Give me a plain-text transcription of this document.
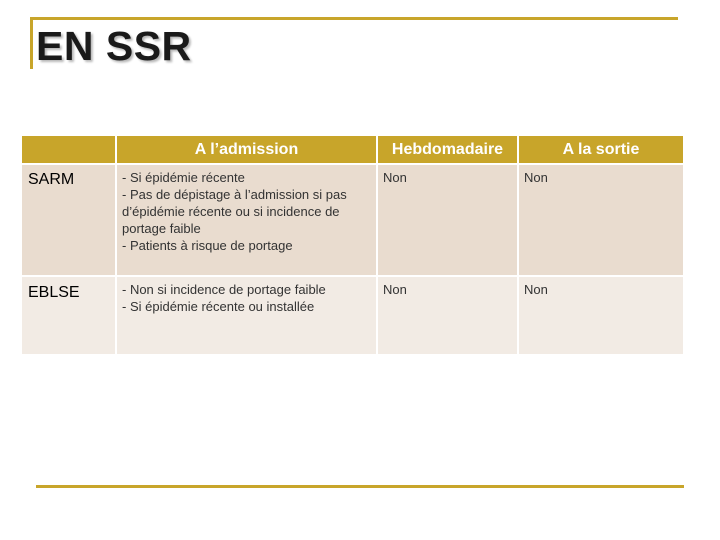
EN SSR
	A l’admission	Hebdomadaire	A la sortie

SARM	- Si épidémie récente
- Pas de dépistage à l’admission si pas
d’épidémie récente ou si incidence de
portage faible
- Patients à risque de portage	Non	Non

EBLSE	- Non si incidence de portage faible
- Si épidémie récente ou installée	Non	Non
